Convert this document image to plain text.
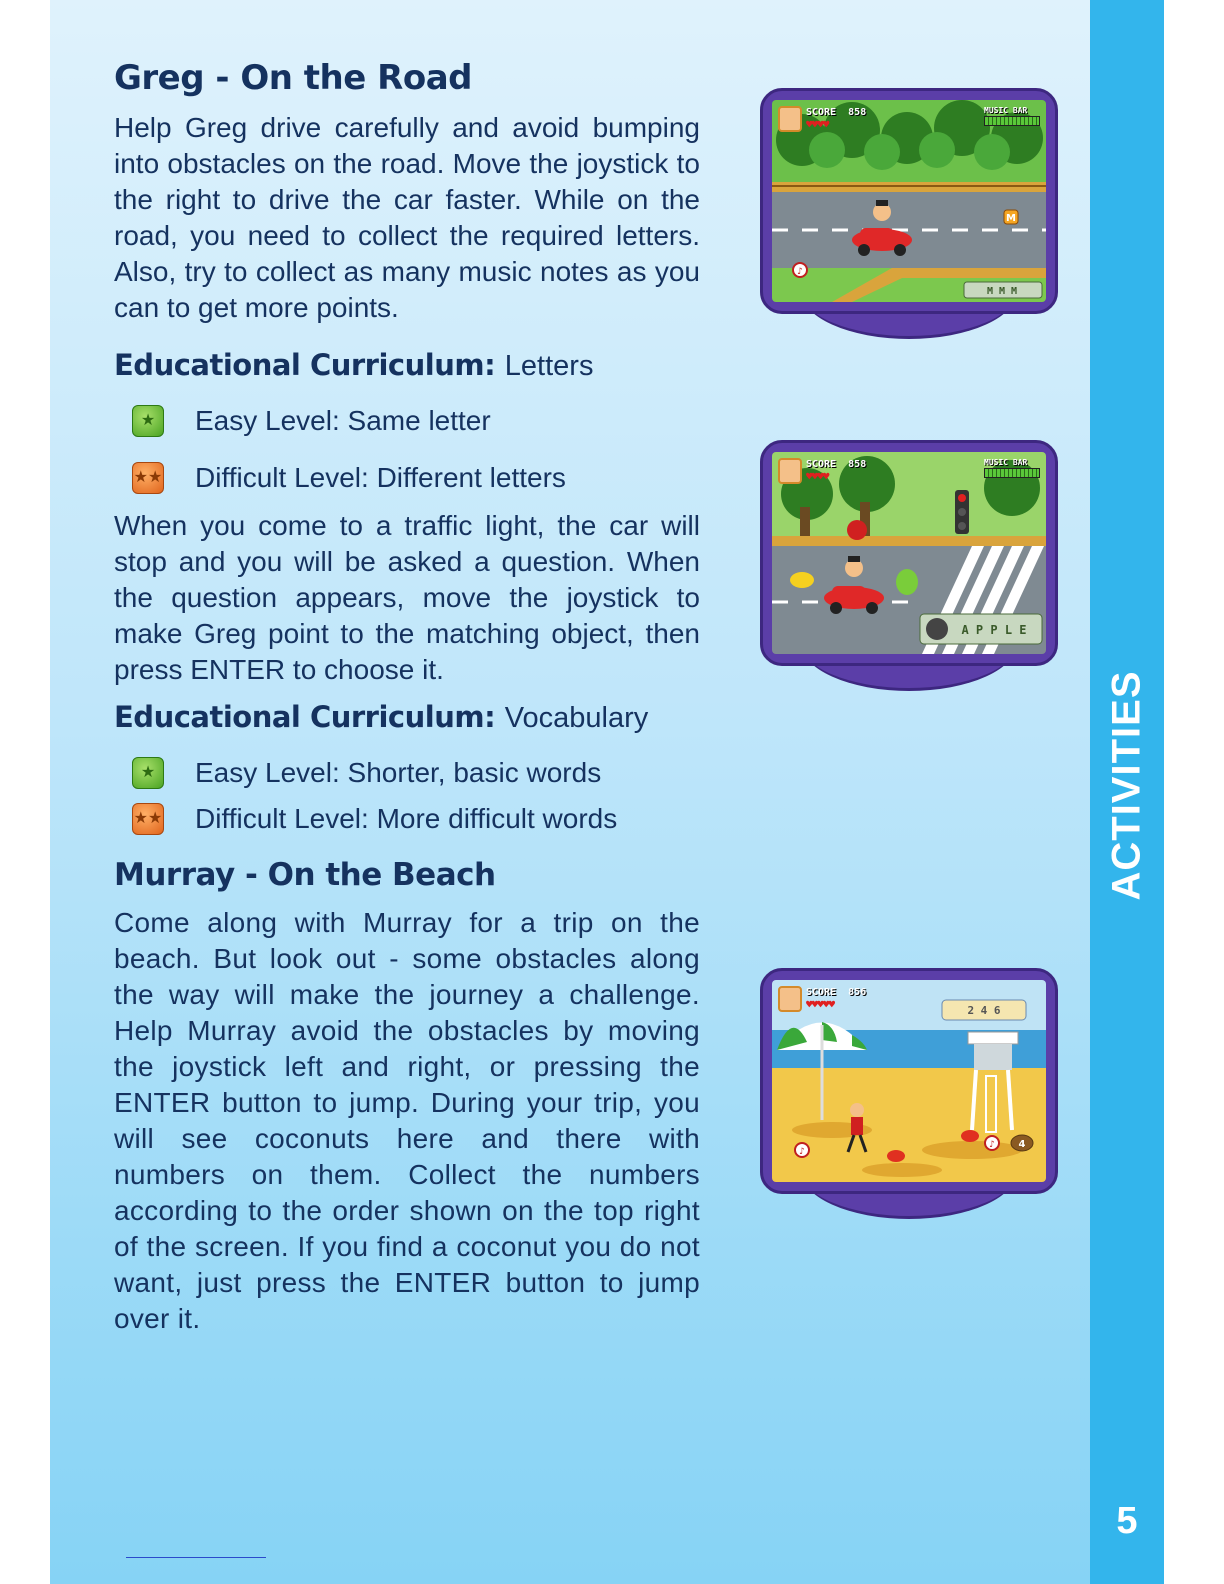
ACTIVITIES
5
Greg - On the Road

Help Greg drive carefully and avoid bumping into obstacles on the road. Move the joystick to the right to drive the car faster. While on the road, you need to collect the required letters. Also, try to collect as many music notes as you can to get more points.

Educational Curriculum: Letters
★	Easy Level: Same letter
★★ Difficult Level: Different letters

When you come to a traffic light, the car will stop and you will be asked a question. When the question appears, move the joystick to make Greg point to the matching object, then press ENTER to choose it.

Educational Curriculum: Vocabulary
★	Easy Level: Shorter, basic words
★★ Difficult Level: More difficult words
Murray - On the Beach

Come along with Murray for a trip on the beach. But look out - some obstacles along the way will make the journey a challenge. Help Murray avoid the obstacles by moving the joystick left and right, or pressing the ENTER button to jump. During your trip, you will see coconuts here and there with numbers on them. Collect the numbers according to the order shown on the top right of the screen. If you find a coconut you do not want, just press the ENTER button to jump over it.

M
♪
M M M
SCORE 858
♥♥♥♥
MUSIC BAR
A P P L E
SCORE 858
♥♥♥♥
MUSIC BAR
♪
♪ 4
2 4 6
SCORE 856
♥♥♥♥♥
